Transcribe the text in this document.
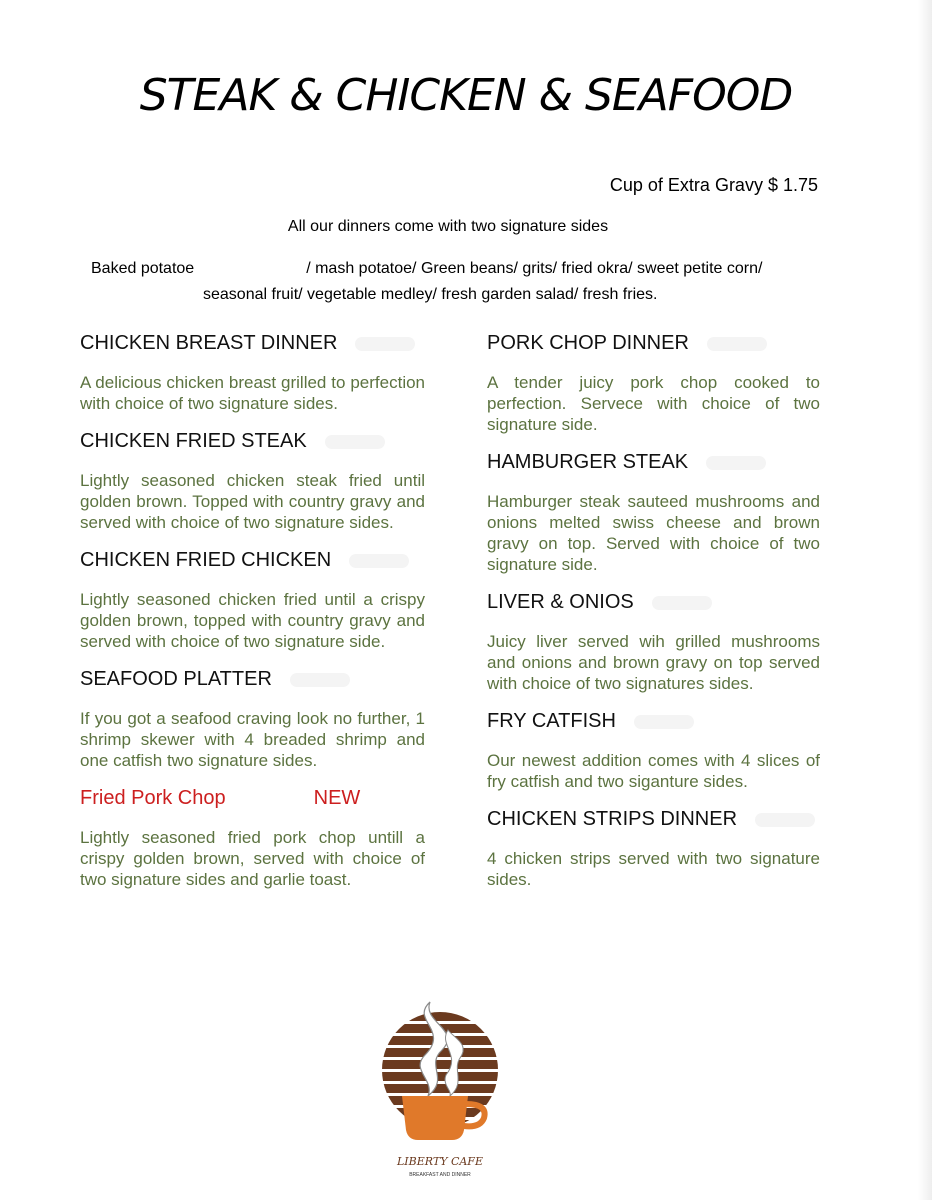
STEAK & CHICKEN & SEAFOOD
Cup of Extra Gravy $ 1.75
All our dinners come with two signature sides
Baked potatoe	/ mash potatoe/ Green beans/ grits/ fried okra/ sweet petite corn/
seasonal fruit/ vegetable medley/ fresh garden salad/ fresh fries.
CHICKEN BREAST DINNER

A delicious chicken breast grilled to perfection with choice of two signature sides.

CHICKEN FRIED STEAK

Lightly seasoned chicken steak fried until golden brown. Topped with country gravy and served with choice of two signature sides.

CHICKEN FRIED CHICKEN

Lightly seasoned chicken fried until a crispy golden brown, topped with country gravy and served with choice of two signature side.

SEAFOOD PLATTER

If you got a seafood craving look no further, 1 shrimp skewer with 4 breaded shrimp and one catfish two signature sides.

Fried Pork Chop	NEW

Lightly seasoned fried pork chop untill a crispy golden brown, served with choice of two signature sides and garlie toast.

PORK CHOP DINNER

A tender juicy pork chop cooked to perfection. Servece with choice of two signature side.

HAMBURGER STEAK

Hamburger steak sauteed mushrooms and onions melted swiss cheese and brown gravy on top. Served with choice of two signature side.

LIVER & ONIOS

Juicy liver served wih grilled mushrooms and onions and brown gravy on top served with choice of two signatures sides.

FRY CATFISH

Our newest addition comes with 4 slices of fry catfish and two siganture sides.

CHICKEN STRIPS DINNER

4 chicken strips served with two signature sides.

LIBERTY CAFE
BREAKFAST AND DINNER
